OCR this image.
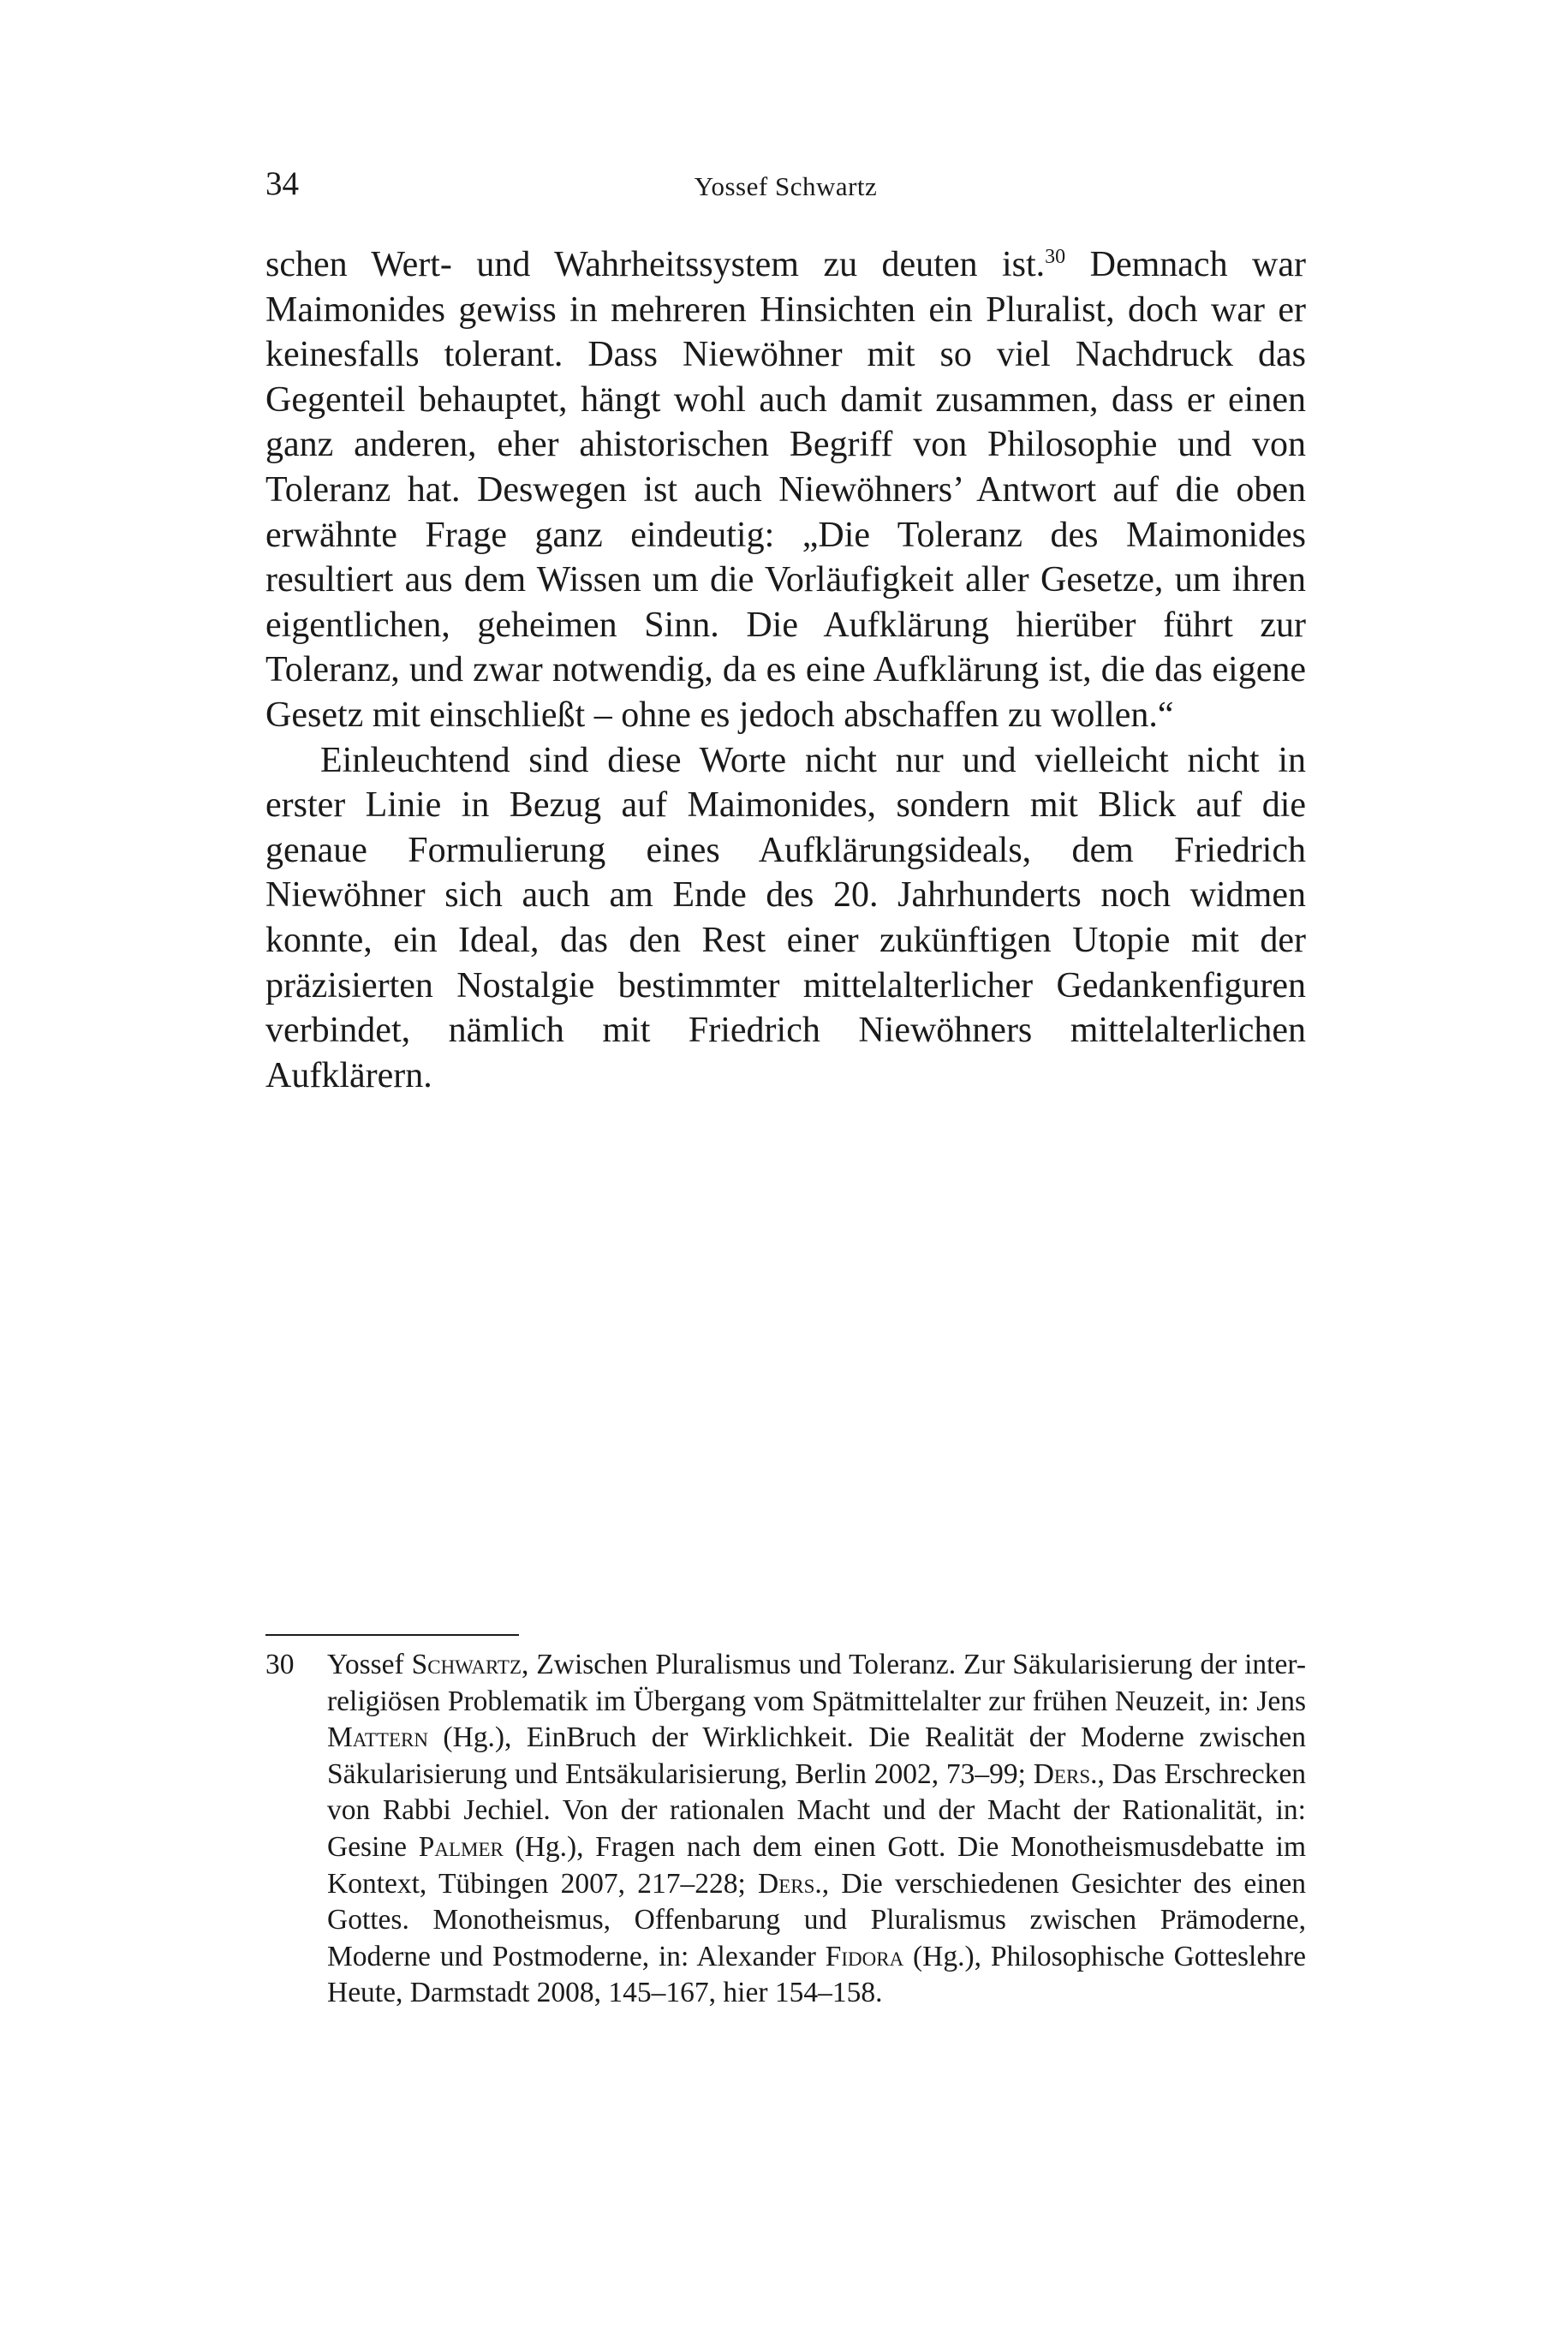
34	Yossef Schwartz

schen Wert- und Wahrheitssystem zu deuten ist.$^{30}$ Demnach war Maimonides gewiss in mehreren Hinsichten ein Pluralist, doch war er keinesfalls tolerant. Dass Niewöhner mit so viel Nachdruck das Gegenteil behauptet, hängt wohl auch damit zusammen, dass er einen ganz anderen, eher ahistorischen Begriff von Philosophie und von Toleranz hat. Deswegen ist auch Niewöhners’ Antwort auf die oben erwähnte Frage ganz eindeutig: „Die Toleranz des Maimonides resultiert aus dem Wissen um die Vorläufigkeit aller Gesetze, um ihren eigentlichen, geheimen Sinn. Die Aufklärung hierüber führt zur Toleranz, und zwar notwendig, da es eine Aufklärung ist, die das eigene Gesetz mit einschließt – ohne es jedoch abschaffen zu wollen.“

Einleuchtend sind diese Worte nicht nur und vielleicht nicht in erster Linie in Bezug auf Maimonides, sondern mit Blick auf die genaue Formulierung eines Aufklärungsideals, dem Friedrich Niewöhner sich auch am Ende des 20. Jahrhunderts noch widmen konnte, ein Ideal, das den Rest einer zukünftigen Utopie mit der präzisierten Nostalgie bestimmter mittelalterlicher Gedankenfiguren verbindet, nämlich mit Friedrich Niewöhners mittelalterlichen Aufklärern.

30	Yossef Schwartz, Zwischen Pluralismus und Toleranz. Zur Säkularisierung der inter-religiösen Problematik im Übergang vom Spätmittelalter zur frühen Neuzeit, in: Jens Mattern (Hg.), EinBruch der Wirklichkeit. Die Realität der Moderne zwischen Säkularisierung und Entsäkularisierung, Berlin 2002, 73–99; Ders., Das Erschrecken von Rabbi Jechiel. Von der rationalen Macht und der Macht der Rationalität, in: Gesine Palmer (Hg.), Fragen nach dem einen Gott. Die Monotheismusdebatte im Kontext, Tübingen 2007, 217–228; Ders., Die verschiedenen Gesichter des einen Gottes. Monotheismus, Offenbarung und Pluralismus zwischen Prämoderne, Moderne und Postmoderne, in: Alexander Fidora (Hg.), Philosophische Gotteslehre Heute, Darmstadt 2008, 145–167, hier 154–158.
